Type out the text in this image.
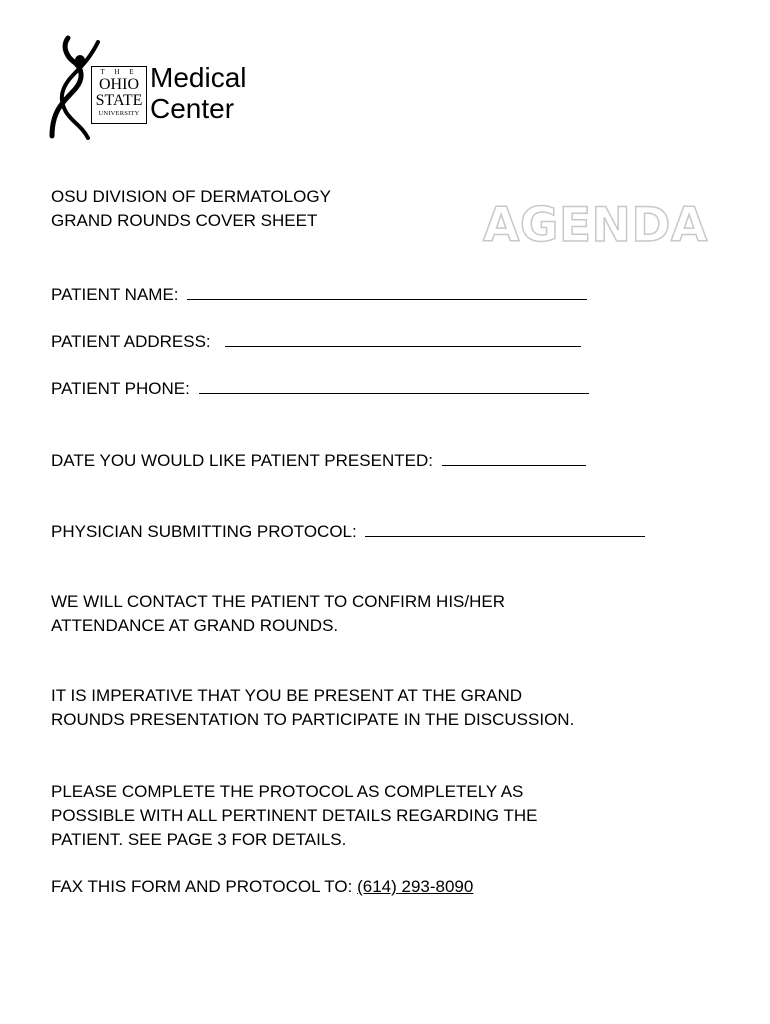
T H E
OHIO
STATE
UNIVERSITY
Medical
Center
OSU DIVISION OF DERMATOLOGY
GRAND ROUNDS COVER SHEET	AGENDA
PATIENT NAME:
PATIENT ADDRESS:
PATIENT PHONE:
DATE YOU WOULD LIKE PATIENT PRESENTED:
PHYSICIAN SUBMITTING PROTOCOL:
WE WILL CONTACT THE PATIENT TO CONFIRM HIS/HER
ATTENDANCE AT GRAND ROUNDS.
IT IS IMPERATIVE THAT YOU BE PRESENT AT THE GRAND
ROUNDS PRESENTATION TO PARTICIPATE IN THE DISCUSSION.
PLEASE COMPLETE THE PROTOCOL AS COMPLETELY AS
POSSIBLE WITH ALL PERTINENT DETAILS REGARDING THE
PATIENT. SEE PAGE 3 FOR DETAILS.
FAX THIS FORM AND PROTOCOL TO: (614) 293-8090
